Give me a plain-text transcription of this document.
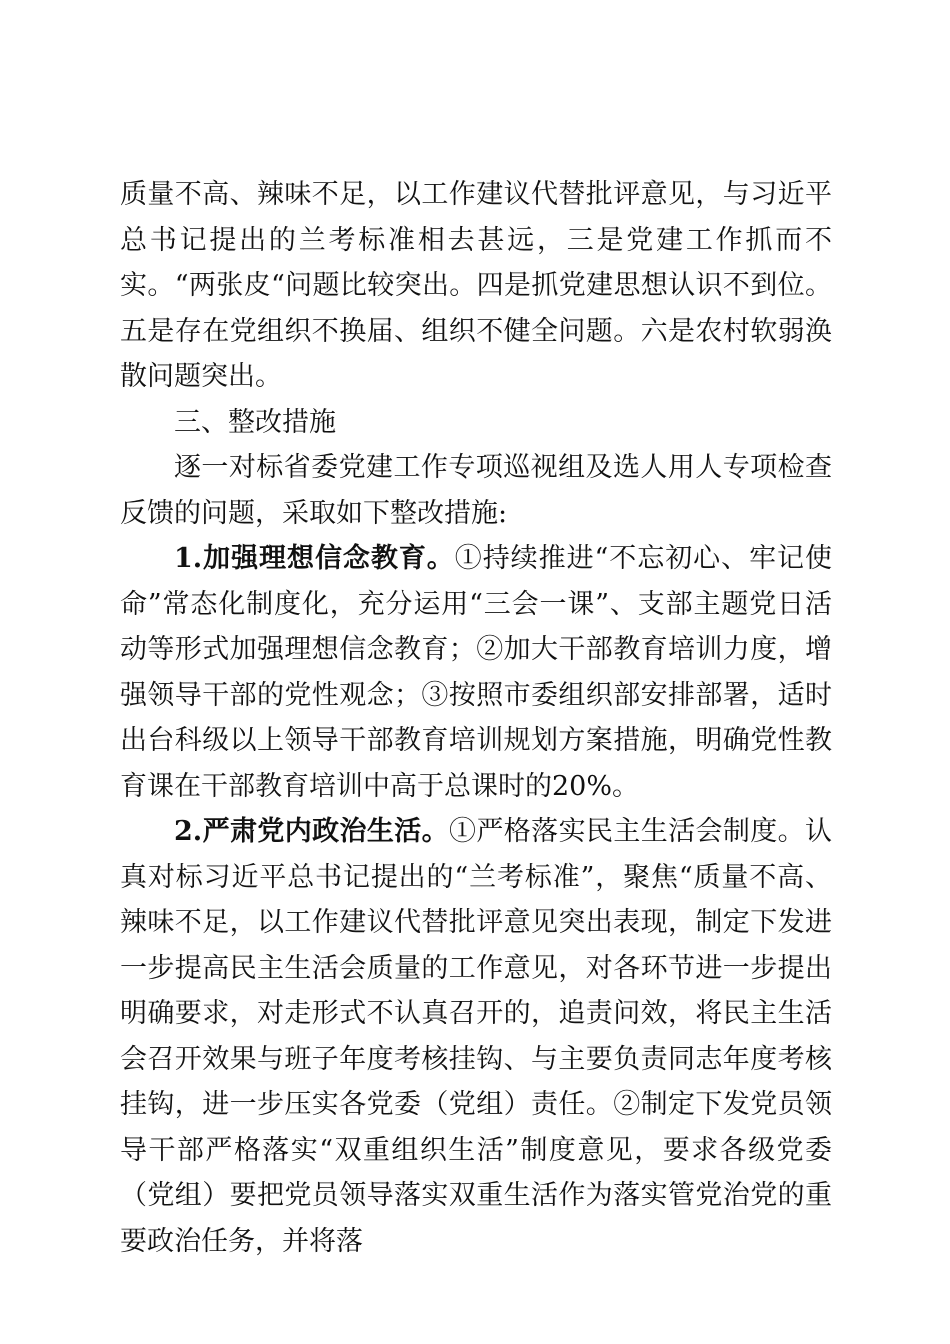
质量不高、辣味不足，以工作建议代替批评意见，与习近平总书记提出的兰考标准相去甚远，三是党建工作抓而不实。“两张皮“问题比较突出。四是抓党建思想认识不到位。五是存在党组织不换届、组织不健全问题。六是农村软弱涣散问题突出。

三、整改措施

逐一对标省委党建工作专项巡视组及选人用人专项检查反馈的问题，采取如下整改措施:

1.加强理想信念教育。①持续推进“不忘初心、牢记使命”常态化制度化，充分运用“三会一课”、支部主题党日活动等形式加强理想信念教育；②加大干部教育培训力度，增强领导干部的党性观念；③按照市委组织部安排部署，适时出台科级以上领导干部教育培训规划方案措施，明确党性教育课在干部教育培训中高于总课时的20%。

2.严肃党内政治生活。①严格落实民主生活会制度。认真对标习近平总书记提出的“兰考标准”，聚焦“质量不高、辣味不足，以工作建议代替批评意见突出表现，制定下发进一步提高民主生活会质量的工作意见，对各环节进一步提出明确要求，对走形式不认真召开的，追责问效，将民主生活会召开效果与班子年度考核挂钩、与主要负责同志年度考核挂钩，进一步压实各党委（党组）责任。②制定下发党员领导干部严格落实“双重组织生活”制度意见，要求各级党委（党组）要把党员领导落实双重生活作为落实管党治党的重要政治任务，并将落
